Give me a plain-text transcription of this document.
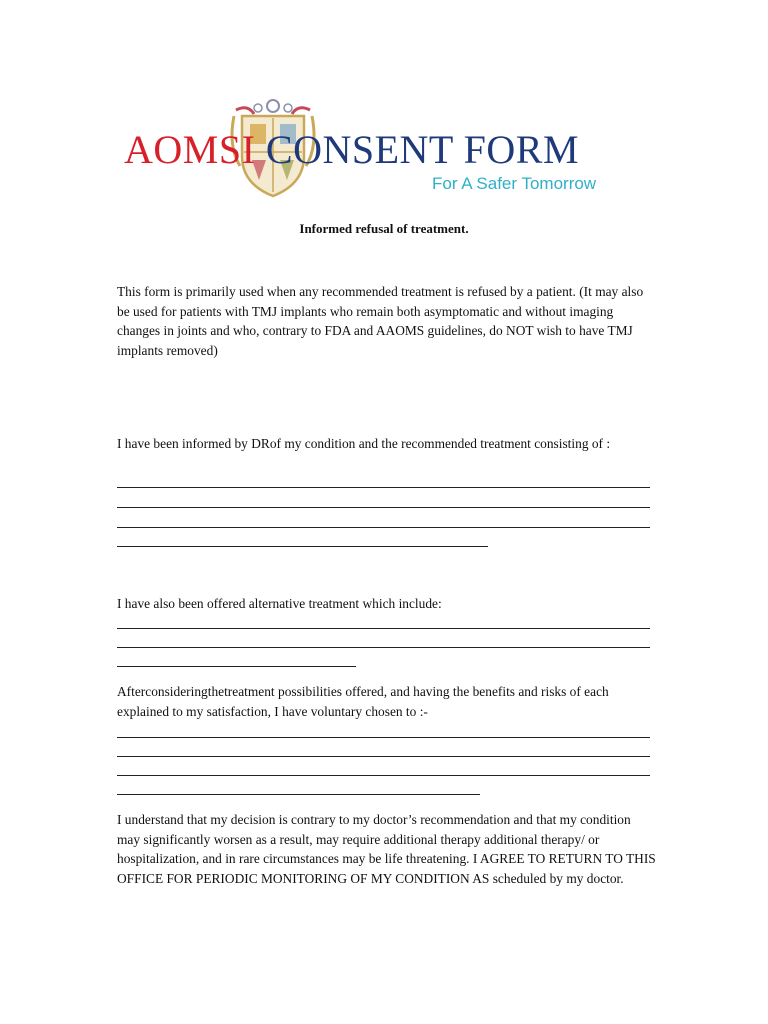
AOMSI CONSENT FORM
For A Safer Tomorrow
Informed refusal of treatment.
This form is primarily used when any recommended treatment is refused by a patient. (It may also be used for patients with TMJ implants who remain both asymptomatic and without imaging changes in joints and who, contrary to FDA and AAOMS guidelines, do NOT wish to have TMJ implants removed)
I have been informed by DRof my condition and the recommended treatment consisting of :
I have also been offered alternative treatment which include:
Afterconsideringthetreatment possibilities offered, and having the benefits and risks of each explained to my satisfaction, I have voluntary chosen to :-
I understand that my decision is contrary to my doctor’s recommendation and that my condition may significantly worsen as a result, may require additional therapy additional therapy/ or hospitalization, and in rare circumstances may be life threatening. I AGREE TO RETURN TO THIS OFFICE FOR PERIODIC MONITORING OF MY CONDITION AS scheduled by my doctor.
